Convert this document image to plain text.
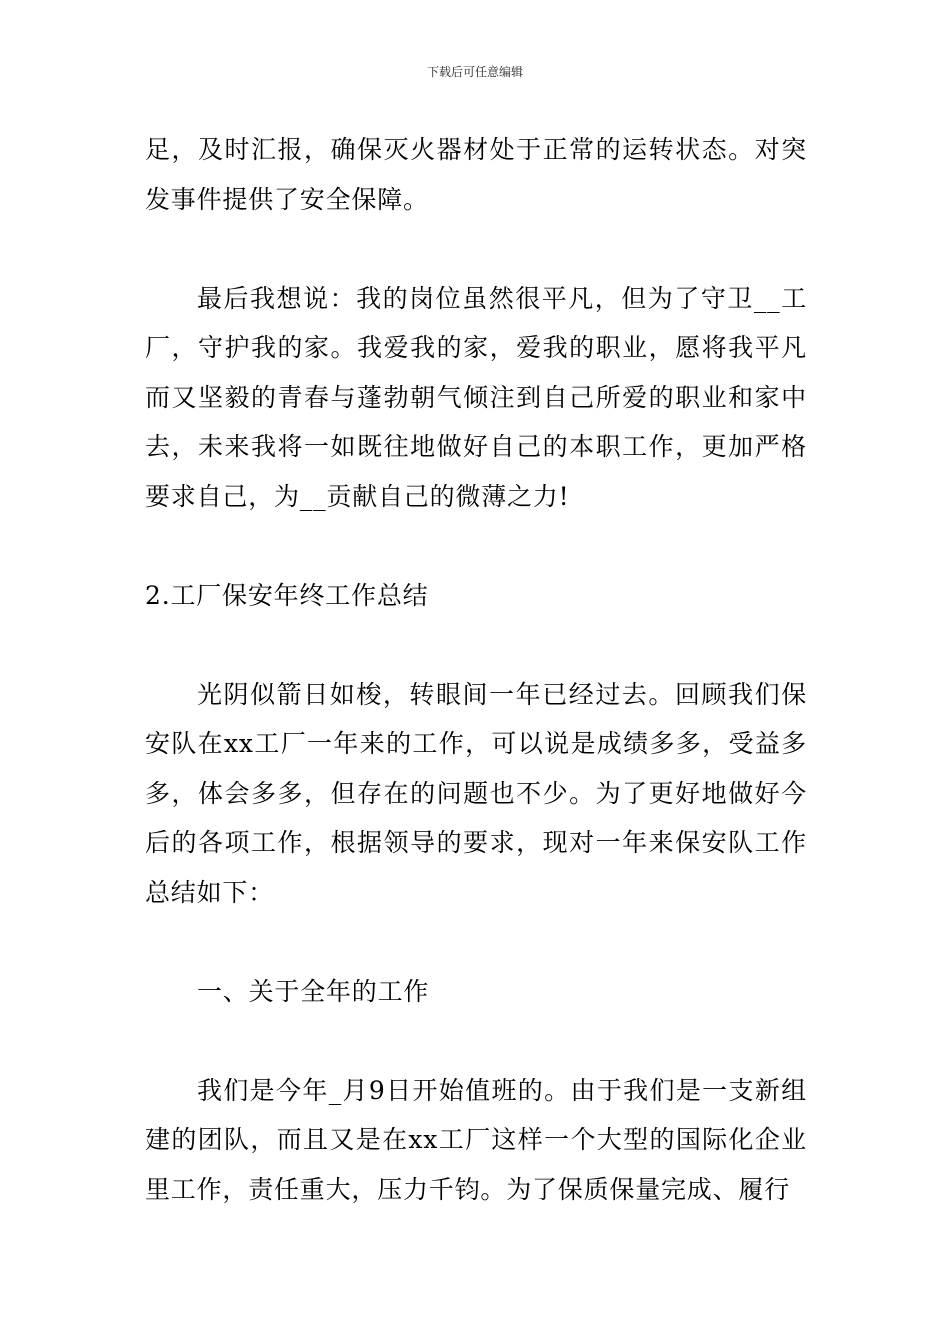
下载后可任意编辑

足，及时汇报，确保灭火器材处于正常的运转状态。对突发事件提供了安全保障。

最后我想说：我的岗位虽然很平凡，但为了守卫__工厂，守护我的家。我爱我的家，爱我的职业，愿将我平凡而又坚毅的青春与蓬勃朝气倾注到自己所爱的职业和家中去，未来我将一如既往地做好自己的本职工作，更加严格要求自己，为__贡献自己的微薄之力!

2.工厂保安年终工作总结

光阴似箭日如梭，转眼间一年已经过去。回顾我们保安队在xx工厂一年来的工作，可以说是成绩多多，受益多多，体会多多，但存在的问题也不少。为了更好地做好今后的各项工作，根据领导的要求，现对一年来保安队工作总结如下：

一、关于全年的工作

我们是今年_月9日开始值班的。由于我们是一支新组建的团队，而且又是在xx工厂这样一个大型的国际化企业里工作，责任重大，压力千钧。为了保质保量完成、履行
